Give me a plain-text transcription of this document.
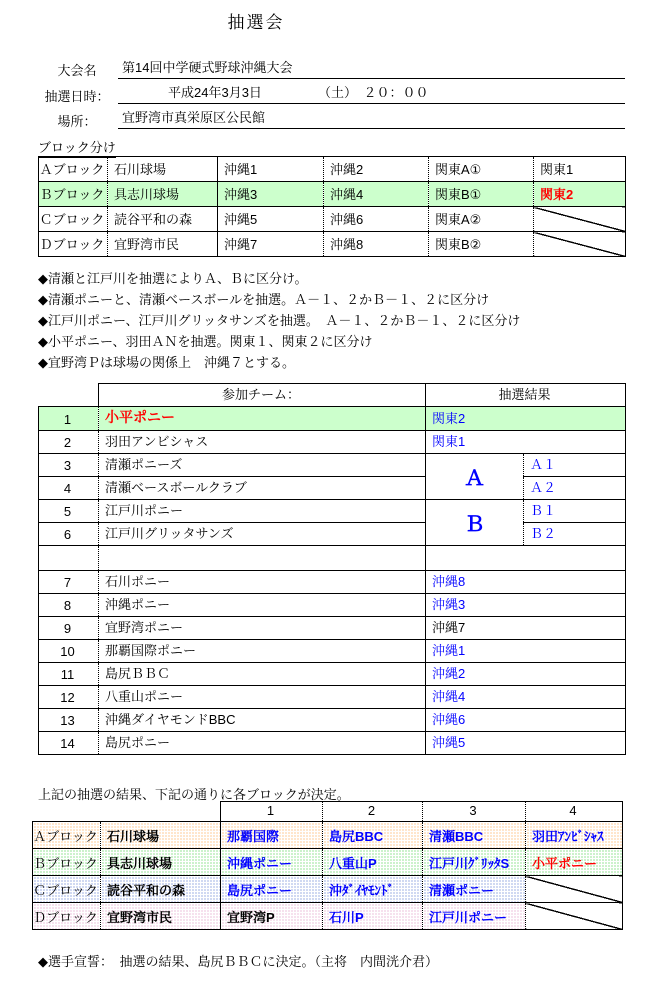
抽選会
大会名	第14回中学硬式野球沖縄大会
抽選日時：	平成24年3月3日	（土）　２０：００
場所：	宜野湾市真栄原区公民館
ブロック分け
Ａブロック	石川球場	沖縄1	沖縄2	関東A①	関東1
Ｂブロック	具志川球場	沖縄3	沖縄4	関東B①	関東2
Ｃブロック	読谷平和の森	沖縄5	沖縄6	関東A②	
Ｄブロック	宜野湾市民	沖縄7	沖縄8	関東B②	
◆清瀬と江戸川を抽選によりＡ、Ｂに区分け。
◆清瀬ポニーと、清瀬ベースボールを抽選。Ａ－１、２かＢ－１、２に区分け
◆江戸川ポニー、江戸川グリッタサンズを抽選。　Ａ－１、２かＢ－１、２に区分け
◆小平ポニー、羽田ＡＮを抽選。関東１、関東２に区分け
◆宜野湾Ｐは球場の関係上　沖縄７とする。
	参加チーム：	抽選結果	
1	小平ポニー	関東2	
2	羽田アンビシャス	関東1	
3	清瀬ポニーズ	Ａ	Ａ１
4	清瀬ベースボールクラブ		Ａ２
5	江戸川ポニー	Ｂ	Ｂ１
6	江戸川グリッタサンズ		Ｂ２

7	石川ポニー	沖縄8	
8	沖縄ポニー	沖縄3	
9	宜野湾ポニー	沖縄7	
10	那覇国際ポニー	沖縄1	
11	島尻ＢＢＣ	沖縄2	
12	八重山ポニー	沖縄4	
13	沖縄ダイヤモンドBBC	沖縄6	
14	島尻ポニー	沖縄5	
上記の抽選の結果、下記の通りに各ブロックが決定。
		1	2	3	4
Ａブロック	石川球場	那覇国際	島尻BBC	清瀬BBC	羽田ｱﾝﾋﾞｼｬｽ
Ｂブロック	具志川球場	沖縄ポニー	八重山P	江戸川ｸﾞﾘｯﾀS	小平ポニー
Ｃブロック	読谷平和の森	島尻ポニー	沖ﾀﾞｲﾔﾓﾝﾄﾞ	清瀬ポニー	
Ｄブロック	宜野湾市民	宜野湾P	石川P	江戸川ポニー	
◆選手宣誓：　抽選の結果、島尻ＢＢＣに決定。（主将　内間洸介君）
